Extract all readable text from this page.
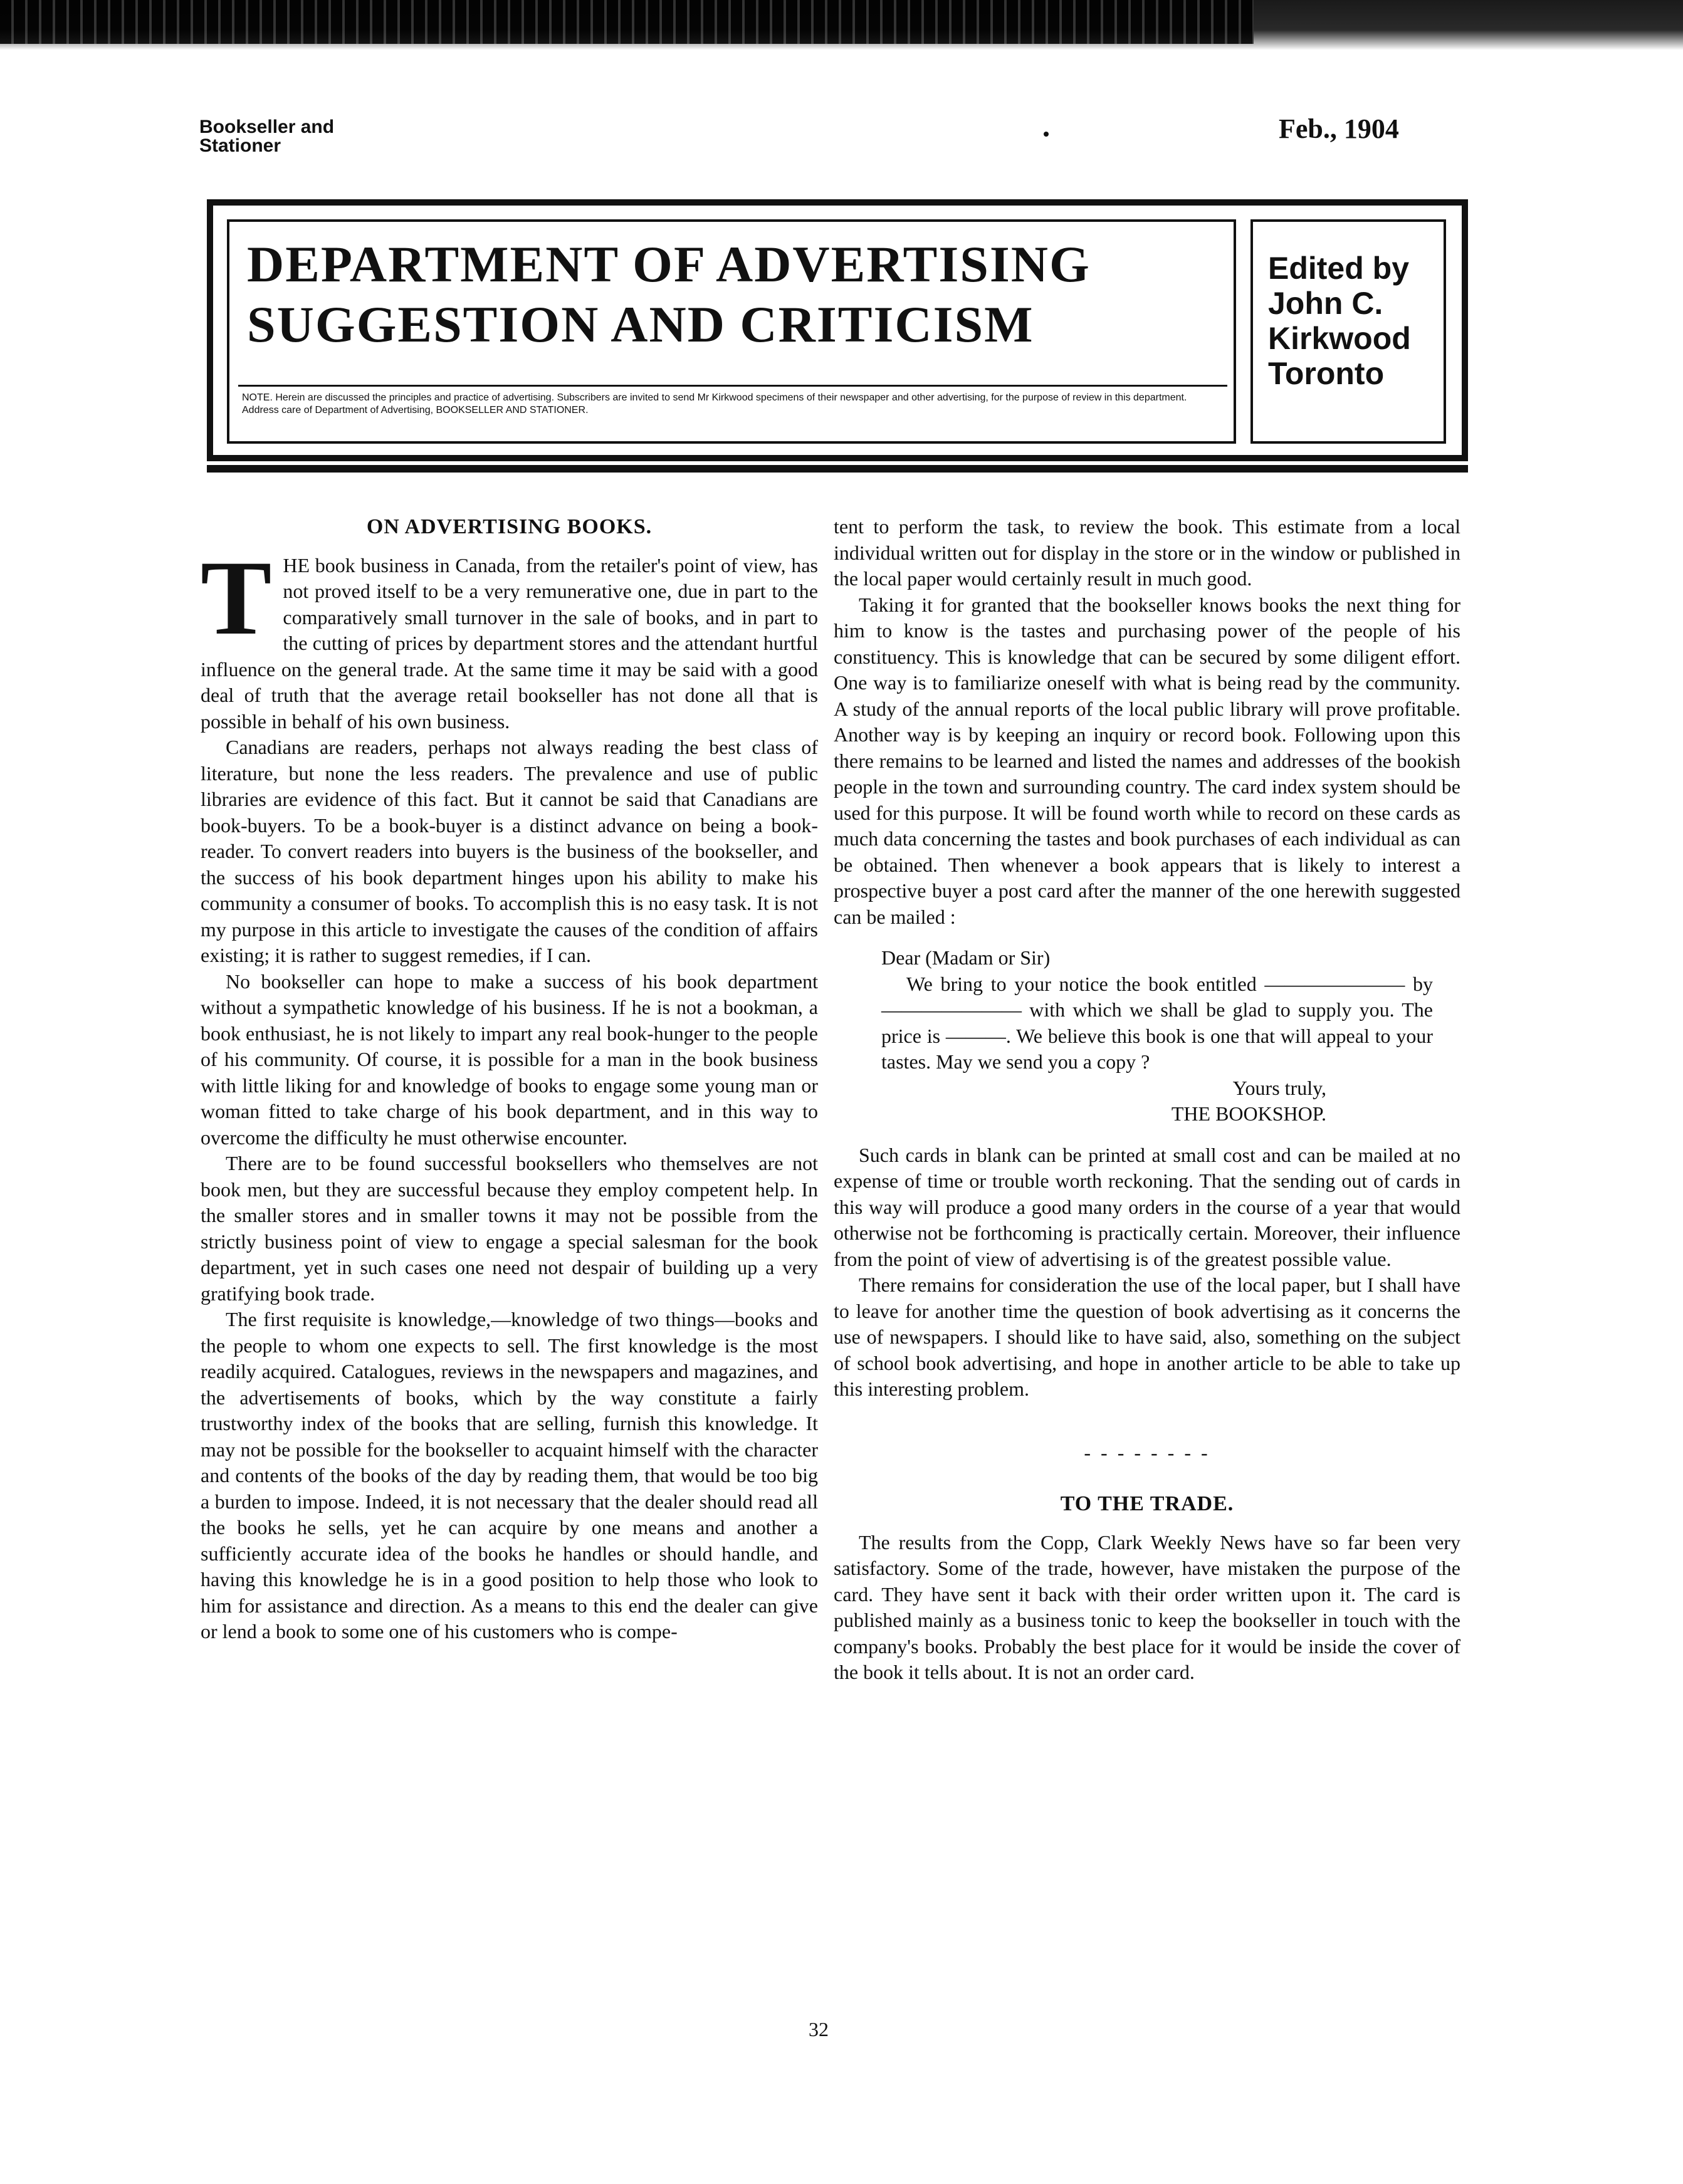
Bookseller and
Stationer
Feb., 1904
DEPARTMENT OF ADVERTISING
SUGGESTION AND CRITICISM
NOTE. Herein are discussed the principles and practice of advertising. Subscribers are invited to send Mr Kirkwood specimens of their newspaper and other advertising, for the purpose of review in this department. Address care of Department of Advertising, BOOKSELLER AND STATIONER.
Edited by
John C.
Kirkwood
Toronto
ON ADVERTISING BOOKS.

THE book business in Canada, from the retailer's point of view, has not proved itself to be a very remunerative one, due in part to the comparatively small turnover in the sale of books, and in part to the cutting of prices by department stores and the attendant hurtful influence on the general trade. At the same time it may be said with a good deal of truth that the average retail bookseller has not done all that is possible in behalf of his own business.

Canadians are readers, perhaps not always reading the best class of literature, but none the less readers. The prevalence and use of public libraries are evidence of this fact. But it cannot be said that Canadians are book-buyers. To be a book-buyer is a distinct advance on being a book-reader. To convert readers into buyers is the business of the bookseller, and the success of his book department hinges upon his ability to make his community a consumer of books. To accomplish this is no easy task. It is not my purpose in this article to investigate the causes of the condition of affairs existing; it is rather to suggest remedies, if I can.

No bookseller can hope to make a success of his book department without a sympathetic knowledge of his business. If he is not a bookman, a book enthusiast, he is not likely to impart any real book-hunger to the people of his community. Of course, it is possible for a man in the book business with little liking for and knowledge of books to engage some young man or woman fitted to take charge of his book department, and in this way to overcome the difficulty he must otherwise encounter.

There are to be found successful booksellers who themselves are not book men, but they are successful because they employ competent help. In the smaller stores and in smaller towns it may not be possible from the strictly business point of view to engage a special salesman for the book department, yet in such cases one need not despair of building up a very gratifying book trade.

The first requisite is knowledge,—knowledge of two things—books and the people to whom one expects to sell. The first knowledge is the most readily acquired. Catalogues, reviews in the newspapers and magazines, and the advertisements of books, which by the way constitute a fairly trustworthy index of the books that are selling, furnish this knowledge. It may not be possible for the bookseller to acquaint himself with the character and contents of the books of the day by reading them, that would be too big a burden to impose. Indeed, it is not necessary that the dealer should read all the books he sells, yet he can acquire by one means and another a sufficiently accurate idea of the books he handles or should handle, and having this knowledge he is in a good position to help those who look to him for assistance and direction. As a means to this end the dealer can give or lend a book to some one of his customers who is compe-

tent to perform the task, to review the book. This estimate from a local individual written out for display in the store or in the window or published in the local paper would certainly result in much good.

Taking it for granted that the bookseller knows books the next thing for him to know is the tastes and purchasing power of the people of his constituency. This is knowledge that can be secured by some diligent effort. One way is to familiarize oneself with what is being read by the community. A study of the annual reports of the local public library will prove profitable. Another way is by keeping an inquiry or record book. Following upon this there remains to be learned and listed the names and addresses of the bookish people in the town and surrounding country. The card index system should be used for this purpose. It will be found worth while to record on these cards as much data concerning the tastes and book purchases of each individual as can be obtained. Then whenever a book appears that is likely to interest a prospective buyer a post card after the manner of the one herewith suggested can be mailed :

Dear (Madam or Sir)

We bring to your notice the book entitled ——————— by ——————— with which we shall be glad to supply you. The price is ———. We believe this book is one that will appeal to your tastes. May we send you a copy ?

Yours truly,

THE BOOKSHOP.

Such cards in blank can be printed at small cost and can be mailed at no expense of time or trouble worth reckoning. That the sending out of cards in this way will produce a good many orders in the course of a year that would otherwise not be forthcoming is practically certain. Moreover, their influence from the point of view of advertising is of the greatest possible value.

There remains for consideration the use of the local paper, but I shall have to leave for another time the question of book advertising as it concerns the use of newspapers. I should like to have said, also, something on the subject of school book advertising, and hope in another article to be able to take up this interesting problem.

- - - - - - - -
TO THE TRADE.

The results from the Copp, Clark Weekly News have so far been very satisfactory. Some of the trade, however, have mistaken the purpose of the card. They have sent it back with their order written upon it. The card is published mainly as a business tonic to keep the bookseller in touch with the company's books. Probably the best place for it would be inside the cover of the book it tells about. It is not an order card.

32
